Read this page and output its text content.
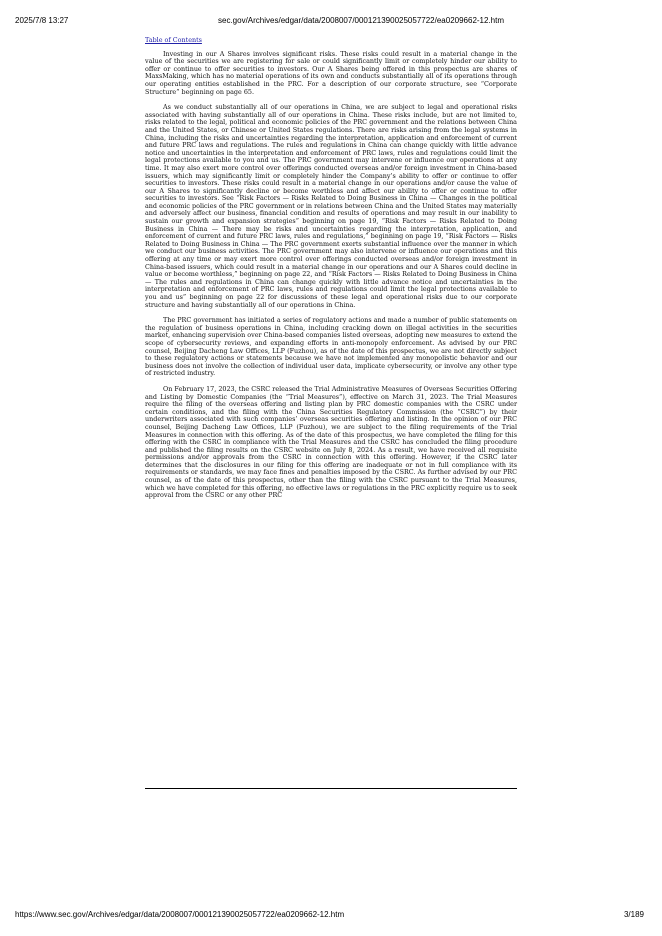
2025/7/8 13:27	sec.gov/Archives/edgar/data/2008007/000121390025057722/ea0209662-12.htm
Table of Contents

Investing in our A Shares involves significant risks. These risks could result in a material change in the value of the securities we are registering for sale or could significantly limit or completely hinder our ability to offer or continue to offer securities to investors. Our A Shares being offered in this prospectus are shares of MaxsMaking, which has no material operations of its own and conducts substantially all of its operations through our operating entities established in the PRC. For a description of our corporate structure, see “Corporate Structure” beginning on page 65.

As we conduct substantially all of our operations in China, we are subject to legal and operational risks associated with having substantially all of our operations in China. These risks include, but are not limited to, risks related to the legal, political and economic policies of the PRC government and the relations between China and the United States, or Chinese or United States regulations. There are risks arising from the legal systems in China, including the risks and uncertainties regarding the interpretation, application and enforcement of current and future PRC laws and regulations. The rules and regulations in China can change quickly with little advance notice and uncertainties in the interpretation and enforcement of PRC laws, rules and regulations could limit the legal protections available to you and us. The PRC government may intervene or influence our operations at any time. It may also exert more control over offerings conducted overseas and/or foreign investment in China-based issuers, which may significantly limit or completely hinder the Company’s ability to offer or continue to offer securities to investors. These risks could result in a material change in our operations and/or cause the value of our A Shares to significantly decline or become worthless and affect our ability to offer or continue to offer securities to investors. See “Risk Factors — Risks Related to Doing Business in China — Changes in the political and economic policies of the PRC government or in relations between China and the United States may materially and adversely affect our business, financial condition and results of operations and may result in our inability to sustain our growth and expansion strategies” beginning on page 19, “Risk Factors — Risks Related to Doing Business in China — There may be risks and uncertainties regarding the interpretation, application, and enforcement of current and future PRC laws, rules and regulations,” beginning on page 19, “Risk Factors — Risks Related to Doing Business in China — The PRC government exerts substantial influence over the manner in which we conduct our business activities. The PRC government may also intervene or influence our operations and this offering at any time or may exert more control over offerings conducted overseas and/or foreign investment in China-based issuers, which could result in a material change in our operations and our A Shares could decline in value or become worthless,” beginning on page 22, and “Risk Factors — Risks Related to Doing Business in China — The rules and regulations in China can change quickly with little advance notice and uncertainties in the interpretation and enforcement of PRC laws, rules and regulations could limit the legal protections available to you and us” beginning on page 22 for discussions of these legal and operational risks due to our corporate structure and having substantially all of our operations in China.

The PRC government has initiated a series of regulatory actions and made a number of public statements on the regulation of business operations in China, including cracking down on illegal activities in the securities market, enhancing supervision over China-based companies listed overseas, adopting new measures to extend the scope of cybersecurity reviews, and expanding efforts in anti-monopoly enforcement. As advised by our PRC counsel, Beijing Dacheng Law Offices, LLP (Fuzhou), as of the date of this prospectus, we are not directly subject to these regulatory actions or statements because we have not implemented any monopolistic behavior and our business does not involve the collection of individual user data, implicate cybersecurity, or involve any other type of restricted industry.

On February 17, 2023, the CSRC released the Trial Administrative Measures of Overseas Securities Offering and Listing by Domestic Companies (the “Trial Measures”), effective on March 31, 2023. The Trial Measures require the filing of the overseas offering and listing plan by PRC domestic companies with the CSRC under certain conditions, and the filing with the China Securities Regulatory Commission (the “CSRC”) by their underwriters associated with such companies’ overseas securities offering and listing. In the opinion of our PRC counsel, Beijing Dacheng Law Offices, LLP (Fuzhou), we are subject to the filing requirements of the Trial Measures in connection with this offering. As of the date of this prospectus, we have completed the filing for this offering with the CSRC in compliance with the Trial Measures and the CSRC has concluded the filing procedure and published the filing results on the CSRC website on July 8, 2024. As a result, we have received all requisite permissions and/or approvals from the CSRC in connection with this offering. However, if the CSRC later determines that the disclosures in our filing for this offering are inadequate or not in full compliance with its requirements or standards, we may face fines and penalties imposed by the CSRC. As further advised by our PRC counsel, as of the date of this prospectus, other than the filing with the CSRC pursuant to the Trial Measures, which we have completed for this offering, no effective laws or regulations in the PRC explicitly require us to seek approval from the CSRC or any other PRC

https://www.sec.gov/Archives/edgar/data/2008007/000121390025057722/ea0209662-12.htm	3/189
